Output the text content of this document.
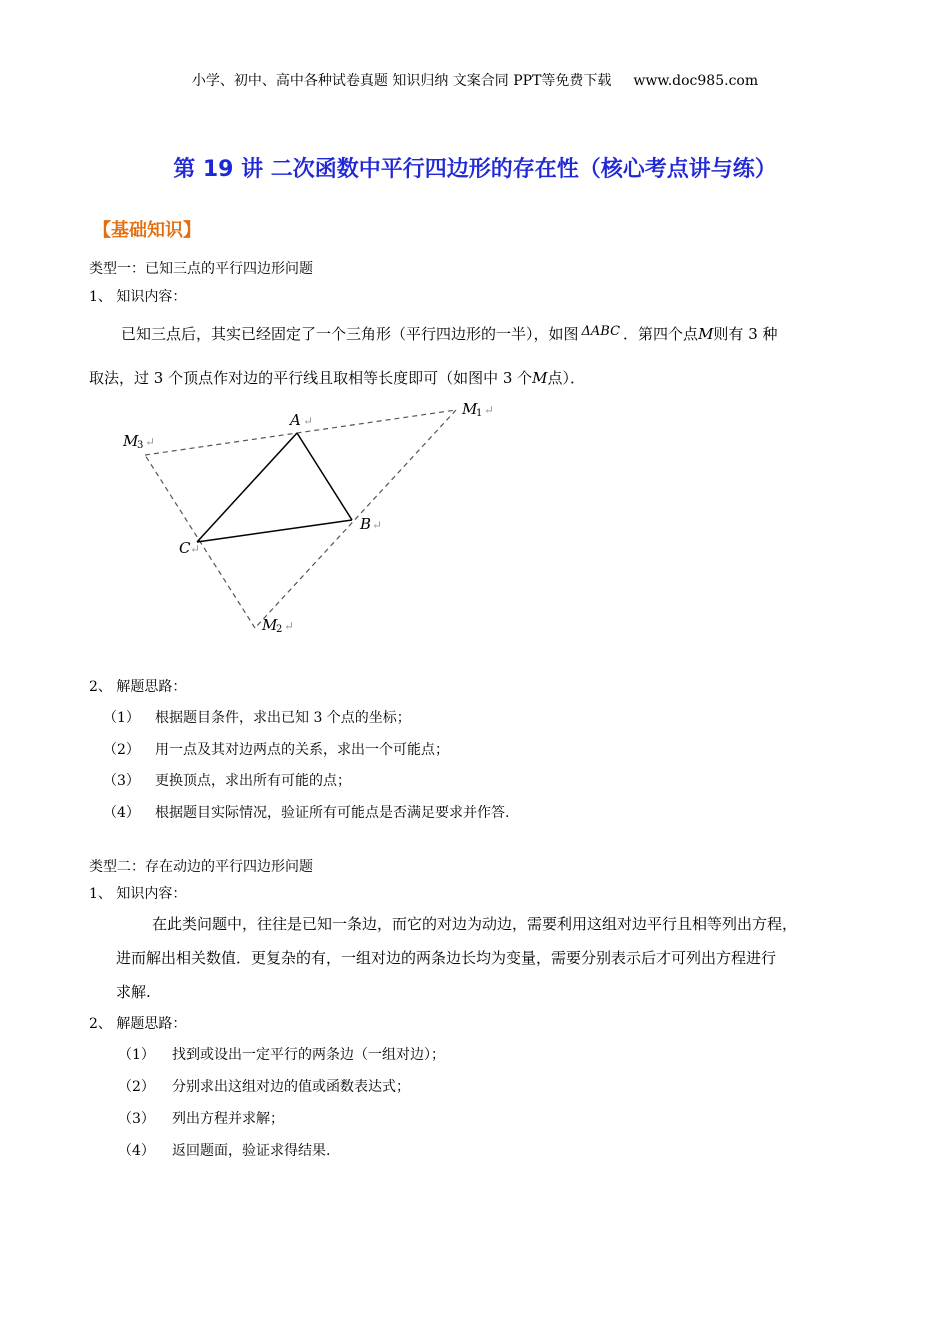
小学、初中、高中各种试卷真题 知识归纳 文案合同 PPT等免费下载 www.doc985.com
第 19 讲 二次函数中平行四边形的存在性（核心考点讲与练）
【基础知识】
类型一：已知三点的平行四边形问题
1、 知识内容：
已知三点后，其实已经固定了一个三角形（平行四边形的一半），如图 ΔABC ．第四个点M则有 3 种
取法，过 3 个顶点作对边的平行线且取相等长度即可（如图中 3 个M点）．
A
B
C
M
M
M
1
3
2
↵
↵
↵
↵
↵
↵
2、 解题思路：
（1） 根据题目条件，求出已知 3 个点的坐标；
（2） 用一点及其对边两点的关系，求出一个可能点；
（3） 更换顶点，求出所有可能的点；
（4） 根据题目实际情况，验证所有可能点是否满足要求并作答.
类型二：存在动边的平行四边形问题
1、 知识内容：
在此类问题中，往往是已知一条边，而它的对边为动边，需要利用这组对边平行且相等列出方程，
进而解出相关数值．更复杂的有，一组对边的两条边长均为变量，需要分别表示后才可列出方程进行
求解.
2、 解题思路：
（1） 找到或设出一定平行的两条边（一组对边）；
（2） 分别求出这组对边的值或函数表达式；
（3） 列出方程并求解；
（4） 返回题面，验证求得结果.
